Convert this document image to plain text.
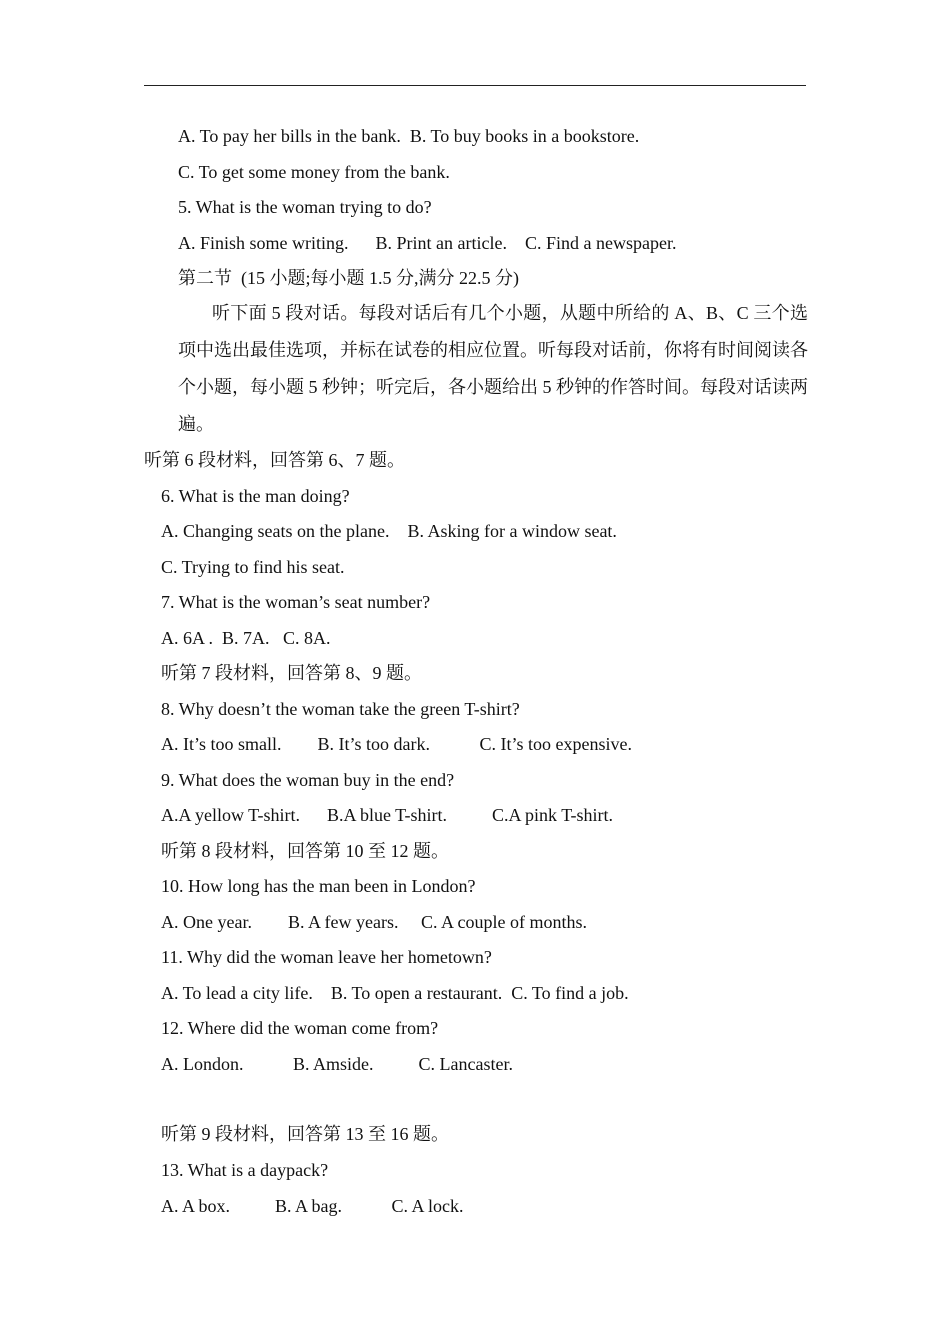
A. To pay her bills in the bank.  B. To buy books in a bookstore.
C. To get some money from the bank.
5. What is the woman trying to do?
A. Finish some writing.      B. Print an article.    C. Find a newspaper.
第二节  (15 小题;每小题 1.5 分,满分 22.5 分)
听下面 5 段对话。每段对话后有几个小题，从题中所给的 A、B、C 三个选项中选出最佳选项，并标在试卷的相应位置。听每段对话前，你将有时间阅读各个小题，每小题 5 秒钟；听完后，各小题给出 5 秒钟的作答时间。每段对话读两遍。
听第 6 段材料，回答第 6、7 题。
6. What is the man doing?
A. Changing seats on the plane.    B. Asking for a window seat.
C. Trying to find his seat.
7. What is the woman’s seat number?
A. 6A .  B. 7A.   C. 8A.
听第 7 段材料，回答第 8、9 题。
8. Why doesn’t the woman take the green T-shirt?
A. It’s too small.        B. It’s too dark.           C. It’s too expensive.
9. What does the woman buy in the end?
A.A yellow T-shirt.      B.A blue T-shirt.          C.A pink T-shirt.
听第 8 段材料，回答第 10 至 12 题。
10. How long has the man been in London?
A. One year.        B. A few years.     C. A couple of months.
11. Why did the woman leave her hometown?
A. To lead a city life.    B. To open a restaurant.  C. To find a job.
12. Where did the woman come from?
A. London.           B. Amside.          C. Lancaster.
听第 9 段材料，回答第 13 至 16 题。
13. What is a daypack?
A. A box.          B. A bag.           C. A lock.
